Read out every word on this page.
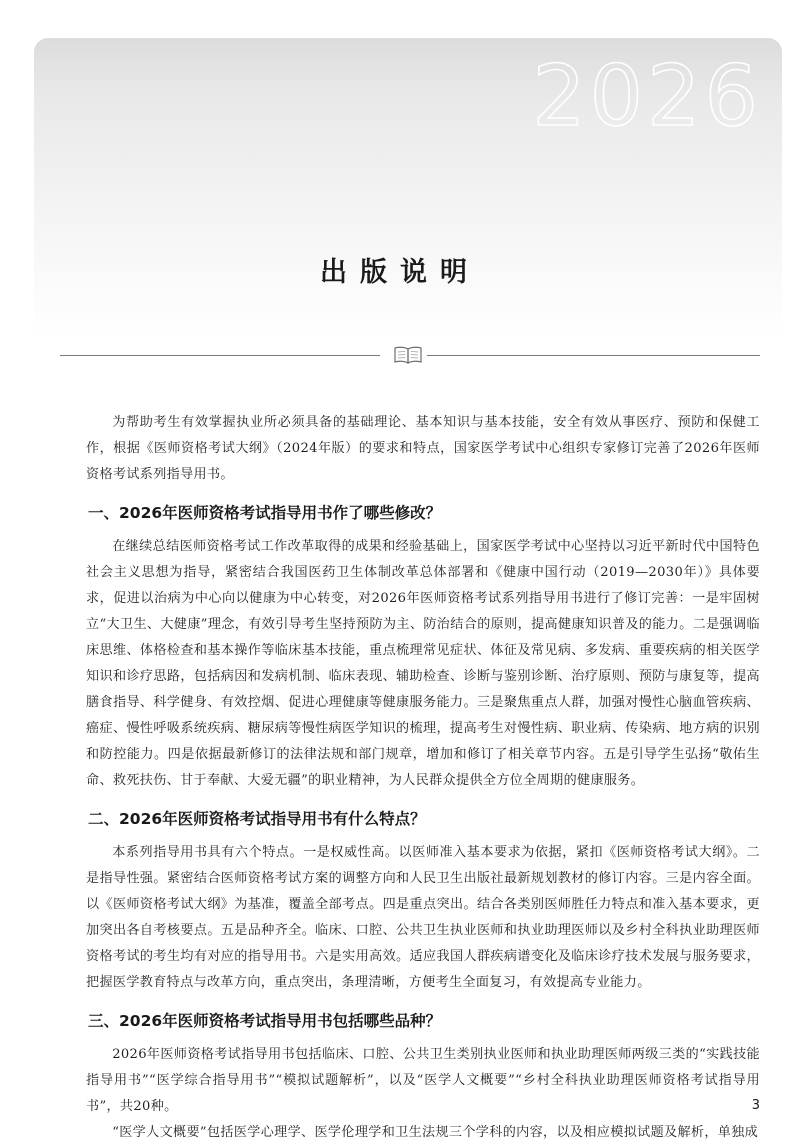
2026
出版说明

为帮助考生有效掌握执业所必须具备的基础理论、基本知识与基本技能，安全有效从事医疗、预防和保健工作，根据《医师资格考试大纲》（2024年版）的要求和特点，国家医学考试中心组织专家修订完善了2026年医师资格考试系列指导用书。

一、2026年医师资格考试指导用书作了哪些修改？

在继续总结医师资格考试工作改革取得的成果和经验基础上，国家医学考试中心坚持以习近平新时代中国特色社会主义思想为指导，紧密结合我国医药卫生体制改革总体部署和《健康中国行动（2019—2030年）》具体要求，促进以治病为中心向以健康为中心转变，对2026年医师资格考试系列指导用书进行了修订完善：一是牢固树立“大卫生、大健康”理念，有效引导考生坚持预防为主、防治结合的原则，提高健康知识普及的能力。二是强调临床思维、体格检查和基本操作等临床基本技能，重点梳理常见症状、体征及常见病、多发病、重要疾病的相关医学知识和诊疗思路，包括病因和发病机制、临床表现、辅助检查、诊断与鉴别诊断、治疗原则、预防与康复等，提高膳食指导、科学健身、有效控烟、促进心理健康等健康服务能力。三是聚焦重点人群，加强对慢性心脑血管疾病、癌症、慢性呼吸系统疾病、糖尿病等慢性病医学知识的梳理，提高考生对慢性病、职业病、传染病、地方病的识别和防控能力。四是依据最新修订的法律法规和部门规章，增加和修订了相关章节内容。五是引导学生弘扬“敬佑生命、救死扶伤、甘于奉献、大爱无疆”的职业精神，为人民群众提供全方位全周期的健康服务。

二、2026年医师资格考试指导用书有什么特点？

本系列指导用书具有六个特点。一是权威性高。以医师准入基本要求为依据，紧扣《医师资格考试大纲》。二是指导性强。紧密结合医师资格考试方案的调整方向和人民卫生出版社最新规划教材的修订内容。三是内容全面。以《医师资格考试大纲》为基准，覆盖全部考点。四是重点突出。结合各类别医师胜任力特点和准入基本要求，更加突出各自考核要点。五是品种齐全。临床、口腔、公共卫生执业医师和执业助理医师以及乡村全科执业助理医师资格考试的考生均有对应的指导用书。六是实用高效。适应我国人群疾病谱变化及临床诊疗技术发展与服务要求，把握医学教育特点与改革方向，重点突出，条理清晰，方便考生全面复习，有效提高专业能力。

三、2026年医师资格考试指导用书包括哪些品种？

2026年医师资格考试指导用书包括临床、口腔、公共卫生类别执业医师和执业助理医师两级三类的“实践技能指导用书”“医学综合指导用书”“模拟试题解析”，以及“医学人文概要”“乡村全科执业助理医师资格考试指导用书”，共20种。

“医学人文概要”包括医学心理学、医学伦理学和卫生法规三个学科的内容，以及相应模拟试题及解析，单独成

3
